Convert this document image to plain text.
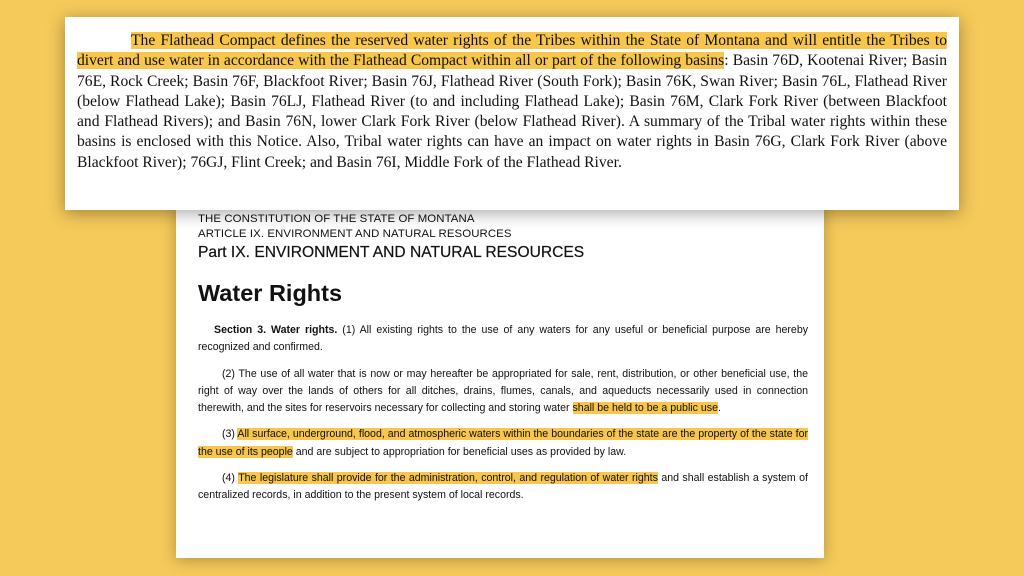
THE CONSTITUTION OF THE STATE OF MONTANA
ARTICLE IX. ENVIRONMENT AND NATURAL RESOURCES
Part IX. ENVIRONMENT AND NATURAL RESOURCES
Water Rights

Section 3. Water rights. (1) All existing rights to the use of any waters for any useful or beneficial purpose are hereby recognized and confirmed.

(2) The use of all water that is now or may hereafter be appropriated for sale, rent, distribution, or other beneficial use, the right of way over the lands of others for all ditches, drains, flumes, canals, and aqueducts necessarily used in connection therewith, and the sites for reservoirs necessary for collecting and storing water shall be held to be a public use.

(3) All surface, underground, flood, and atmospheric waters within the boundaries of the state are the property of the state for the use of its people and are subject to appropriation for beneficial uses as provided by law.

(4) The legislature shall provide for the administration, control, and regulation of water rights and shall establish a system of centralized records, in addition to the present system of local records.

The Flathead Compact defines the reserved water rights of the Tribes within the State of Montana and will entitle the Tribes to divert and use water in accordance with the Flathead Compact within all or part of the following basins: Basin 76D, Kootenai River; Basin 76E, Rock Creek; Basin 76F, Blackfoot River; Basin 76J, Flathead River (South Fork); Basin 76K, Swan River; Basin 76L, Flathead River (below Flathead Lake); Basin 76LJ, Flathead River (to and including Flathead Lake); Basin 76M, Clark Fork River (between Blackfoot and Flathead Rivers); and Basin 76N, lower Clark Fork River (below Flathead River). A summary of the Tribal water rights within these basins is enclosed with this Notice. Also, Tribal water rights can have an impact on water rights in Basin 76G, Clark Fork River (above Blackfoot River); 76GJ, Flint Creek; and Basin 76I, Middle Fork of the Flathead River.
